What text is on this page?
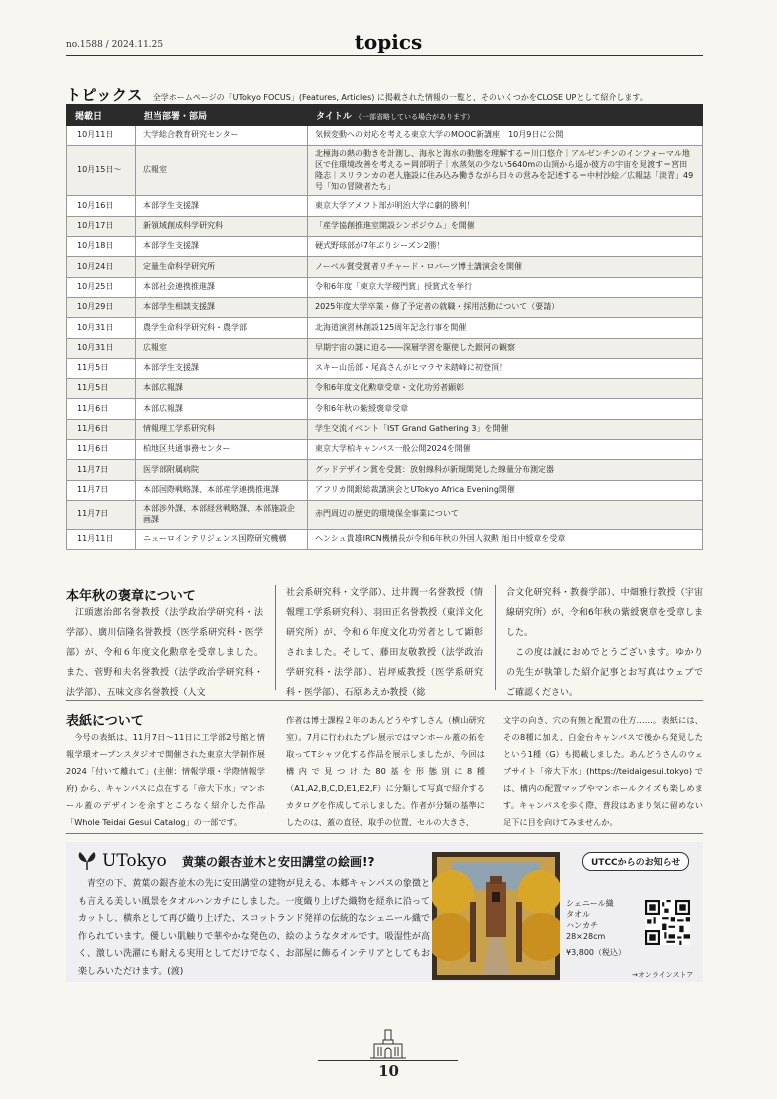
no.1588 / 2024.11.25	topics
トピックス 全学ホームページの「UTokyo FOCUS」(Features, Articles) に掲載された情報の一覧と、そのいくつかをCLOSE UPとして紹介します。
掲載日	担当部署・部局	タイトル （一部省略している場合があります）
10月11日	大学総合教育研究センター	気候変動への対応を考える東京大学のMOOC新講座　10月9日に公開
10月15日～	広報室	北極海の熱の動きを計測し、海氷と海水の動態を理解する＝川口悠介｜アルゼンチンのインフォーマル地区で住環境改善を考える＝岡部明子｜水蒸気の少ない5640mの山頂から遥か彼方の宇宙を見渡す＝宮田隆志｜スリランカの老人施設に住み込み働きながら日々の営みを記述する＝中村沙絵／広報誌「淡青」49号「知の冒険者たち」
10月16日	本部学生支援課	東京大学アメフト部が明治大学に劇的勝利！
10月17日	新領域創成科学研究科	「産学協創推進室開設シンポジウム」を開催
10月18日	本部学生支援課	硬式野球部が7年ぶりシーズン2勝！
10月24日	定量生命科学研究所	ノーベル賞受賞者リチャード・ロバーツ博士講演会を開催
10月25日	本部社会連携推進課	令和6年度「東京大学稷門賞」授賞式を挙行
10月29日	本部学生相談支援課	2025年度大学卒業・修了予定者の就職・採用活動について（要請）
10月31日	農学生命科学研究科・農学部	北海道演習林創設125周年記念行事を開催
10月31日	広報室	早期宇宙の謎に迫る――深層学習を駆使した銀河の観察
11月5日	本部学生支援課	スキー山岳部・尾高さんがヒマラヤ未踏峰に初登頂！
11月5日	本部広報課	令和6年度文化勲章受章・文化功労者顕彰
11月6日	本部広報課	令和6年秋の紫綬褒章受章
11月6日	情報理工学系研究科	学生交流イベント「IST Grand Gathering 3」を開催
11月6日	柏地区共通事務センター	東京大学柏キャンパス一般公開2024を開催
11月7日	医学部附属病院	グッドデザイン賞を受賞：放射線科が新規開発した線量分布測定器
11月7日	本部国際戦略課、本部産学連携推進課	アフリカ開銀総裁講演会とUTokyo Africa Evening開催
11月7日	本部渉外課、本部経営戦略課、本部施設企画課	赤門周辺の歴史的環境保全事業について
11月11日	ニューロインテリジェンス国際研究機構	ヘンシュ貴雄IRCN機構長が令和6年秋の外国人叙勲 旭日中綬章を受章
本年秋の褒章について

江頭憲治郎名誉教授（法学政治学研究科・法学部）、廣川信隆名誉教授（医学系研究科・医学部）が、令和６年度文化勲章を受章しました。また、菅野和夫名誉教授（法学政治学研究科・法学部）、五味文彦名誉教授（人文

社会系研究科・文学部）、辻井潤一名誉教授（情報理工学系研究科）、羽田正名誉教授（東洋文化研究所）が、令和６年度文化功労者として顕彰されました。そして、藤田友敬教授（法学政治学研究科・法学部）、岩坪威教授（医学系研究科・医学部）、石原あえか教授（総

合文化研究科・教養学部）、中畑雅行教授（宇宙線研究所）が、令和6年秋の紫綬褒章を受章しました。

この度は誠におめでとうございます。ゆかりの先生が執筆した紹介記事とお写真はウェブでご確認ください。

表紙について
今号の表紙は、11月7日～11日に工学部2号館と情報学環オープンスタジオで開催された東京大学制作展 2024「付いて離れて」(主催：情報学環・学際情報学府) から、キャンパスに点在する「帝大下水」マンホール蓋のデザインを余すところなく紹介した作品「Whole Teidai Gesui Catalog」の一部です。
作者は博士課程２年のあんどうやすしさん（横山研究室）。7月に行われたプレ展示ではマンホール蓋の拓を取ってTシャツ化する作品を展示しましたが、今回は構内で見つけた80基を形態別に8種（A1,A2,B,C,D,E1,E2,F）に分類して写真で紹介するカタログを作成して示しました。作者が分類の基準にしたのは、蓋の直径、取手の位置、セルの大きさ、
文字の向き、穴の有無と配置の仕方……。表紙には、その8種に加え、白金台キャンパスで後から発見したという1種（G）も掲載しました。あんどうさんのウェブサイト「帝大下水」(https://teidaigesui.tokyo) では、構内の配置マップやマンホールクイズも楽しめます。キャンパスを歩く際、普段はあまり気に留めない足下に目を向けてみませんか。
UTokyo 黄葉の銀杏並木と安田講堂の絵画!?
青空の下、黄葉の銀杏並木の先に安田講堂の建物が見える、本郷キャンパスの象徴とも言える美しい風景をタオルハンカチにしました。一度織り上げた織物を経糸に沿ってカットし、横糸として再び織り上げた、スコットランド発祥の伝統的なシェニール織で作られています。優しい肌触りで華やかな発色の、絵のようなタオルです。吸湿性が高く、激しい洗濯にも耐える実用としてだけでなく、お部屋に飾るインテリアとしてもお楽しみいただけます。(渡)
UTCCからのお知らせ
シェニール織
タオル
ハンカチ
28×28cm
¥3,800（税込）
→オンラインストア
10
